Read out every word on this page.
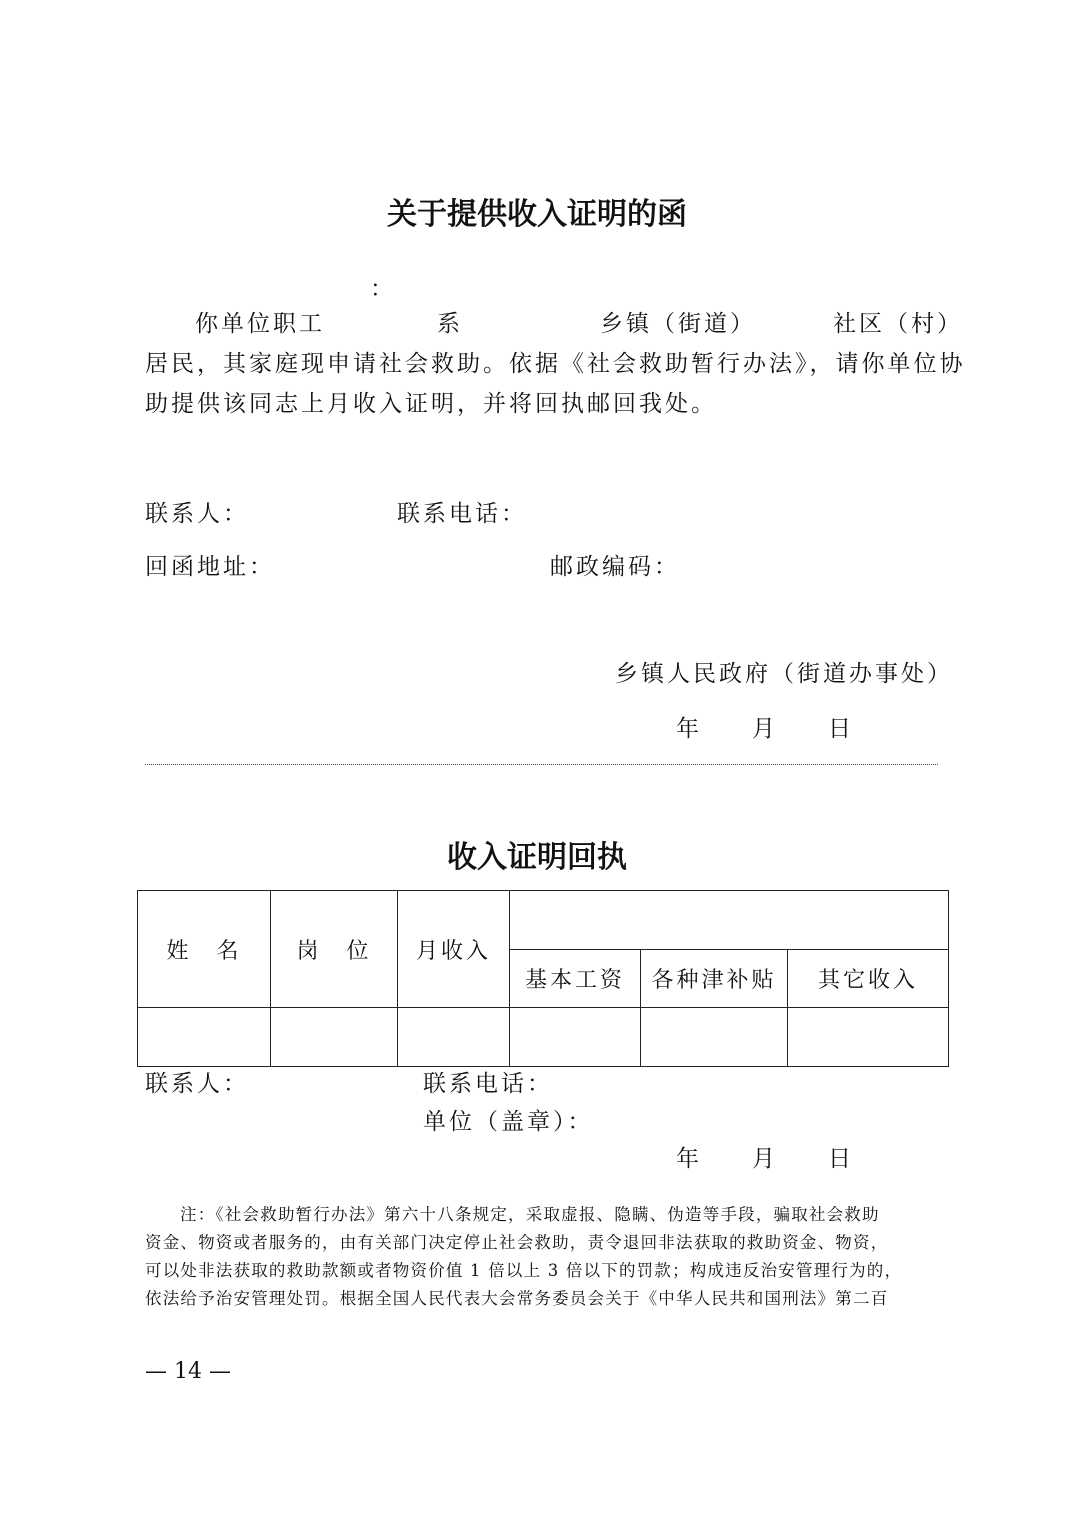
关于提供收入证明的函
：
你单位职工	系	乡镇（街道）	社区（村）
居民，其家庭现申请社会救助。依据《社会救助暂行办法》，请你单位协
助提供该同志上月收入证明，并将回执邮回我处。
联系人：	联系电话：
回函地址：	邮政编码：
乡镇人民政府（街道办事处）
年 月 日
收入证明回执
姓　名	岗　位	月收入			
			基本工资	各种津补贴	其它收入

联系人：	联系电话：
单位（盖章）：
年 月 日
注：《社会救助暂行办法》第六十八条规定，采取虚报、隐瞒、伪造等手段，骗取社会救助
资金、物资或者服务的，由有关部门决定停止社会救助，责令退回非法获取的救助资金、物资，
可以处非法获取的救助款额或者物资价值 1 倍以上 3 倍以下的罚款；构成违反治安管理行为的，
依法给予治安管理处罚。根据全国人民代表大会常务委员会关于《中华人民共和国刑法》第二百
— 14 —
